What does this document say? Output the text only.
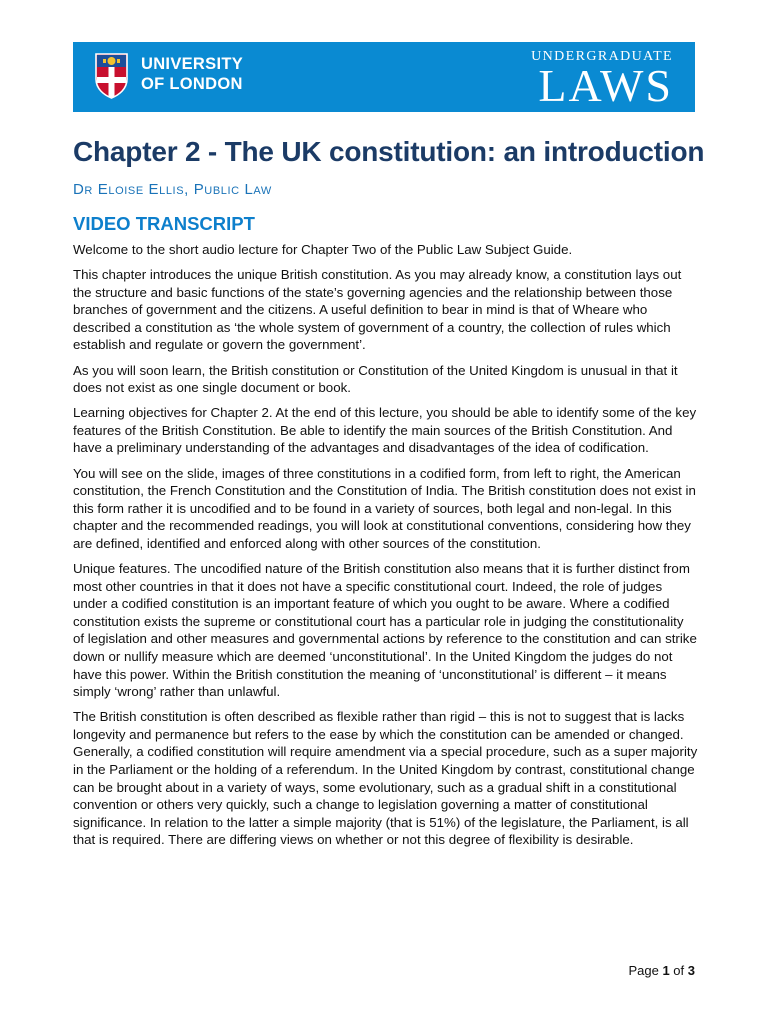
UNIVERSITY
OF LONDON
UNDERGRADUATE
LAWS
Chapter 2 - The UK constitution: an introduction
Dr Eloise Ellis, Public Law
VIDEO TRANSCRIPT

Welcome to the short audio lecture for Chapter Two of the Public Law Subject Guide.

This chapter introduces the unique British constitution. As you may already know, a constitution lays out the structure and basic functions of the state’s governing agencies and the relationship between those branches of government and the citizens. A useful definition to bear in mind is that of Wheare who described a constitution as ‘the whole system of government of a country, the collection of rules which establish and regulate or govern the government’.

As you will soon learn, the British constitution or Constitution of the United Kingdom is unusual in that it does not exist as one single document or book.

Learning objectives for Chapter 2. At the end of this lecture, you should be able to identify some of the key features of the British Constitution. Be able to identify the main sources of the British Constitution. And have a preliminary understanding of the advantages and disadvantages of the idea of codification.

You will see on the slide, images of three constitutions in a codified form, from left to right, the American constitution, the French Constitution and the Constitution of India. The British constitution does not exist in this form rather it is uncodified and to be found in a variety of sources, both legal and non-legal. In this chapter and the recommended readings, you will look at constitutional conventions, considering how they are defined, identified and enforced along with other sources of the constitution.

Unique features. The uncodified nature of the British constitution also means that it is further distinct from most other countries in that it does not have a specific constitutional court. Indeed, the role of judges under a codified constitution is an important feature of which you ought to be aware. Where a codified constitution exists the supreme or constitutional court has a particular role in judging the constitutionality of legislation and other measures and governmental actions by reference to the constitution and can strike down or nullify measure which are deemed ‘unconstitutional’. In the United Kingdom the judges do not have this power. Within the British constitution the meaning of ‘unconstitutional’ is different – it means simply ‘wrong’ rather than unlawful.

The British constitution is often described as flexible rather than rigid – this is not to suggest that is lacks longevity and permanence but refers to the ease by which the constitution can be amended or changed. Generally, a codified constitution will require amendment via a special procedure, such as a super majority in the Parliament or the holding of a referendum. In the United Kingdom by contrast, constitutional change can be brought about in a variety of ways, some evolutionary, such as a gradual shift in a constitutional convention or others very quickly, such a change to legislation governing a matter of constitutional significance. In relation to the latter a simple majority (that is 51%) of the legislature, the Parliament, is all that is required. There are differing views on whether or not this degree of flexibility is desirable.

Page 1 of 3
